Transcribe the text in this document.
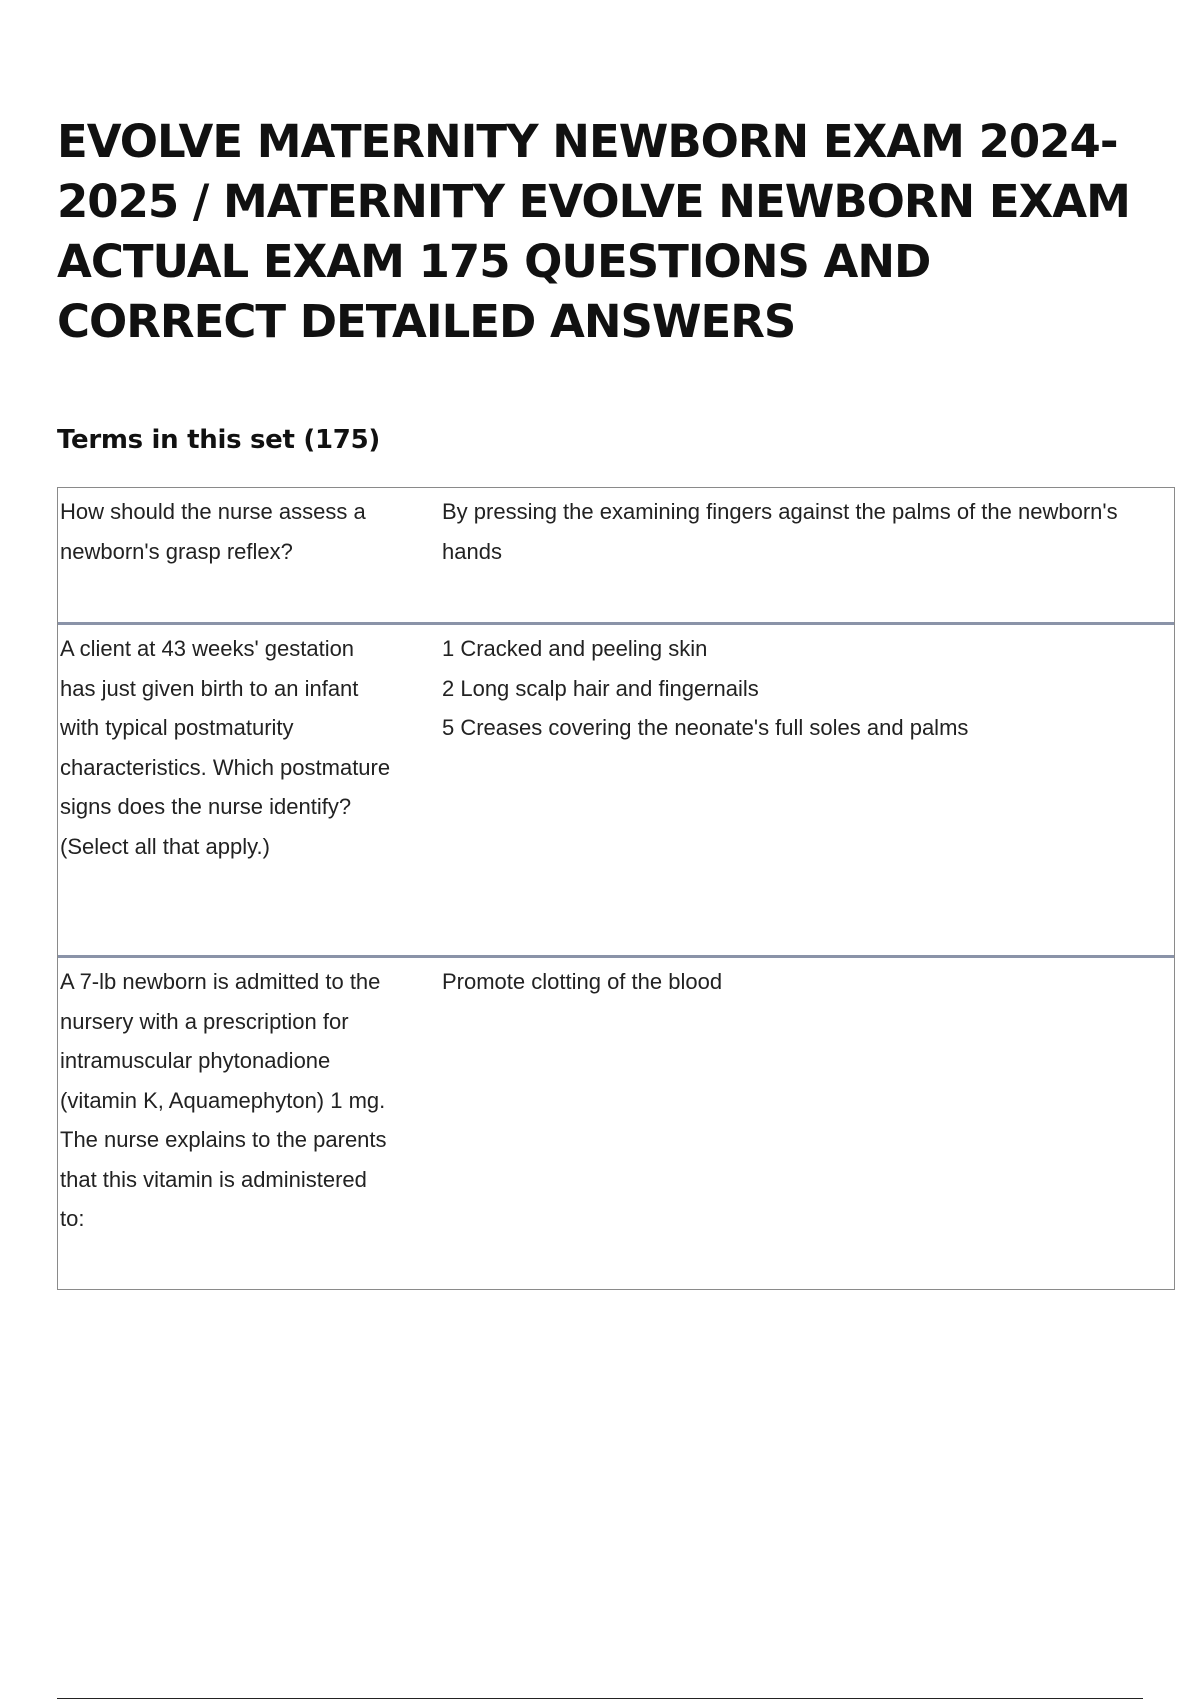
EVOLVE MATERNITY NEWBORN EXAM 2024-2025 / MATERNITY EVOLVE NEWBORN EXAM ACTUAL EXAM 175 QUESTIONS AND CORRECT DETAILED ANSWERS
Terms in this set (175)
How should the nurse assess a newborn's grasp reflex?
By pressing the examining fingers against the palms of the newborn's hands
A client at 43 weeks' gestation has just given birth to an infant with typical postmaturity characteristics. Which postmature signs does the nurse identify? (Select all that apply.)
1 Cracked and peeling skin
2 Long scalp hair and fingernails
5 Creases covering the neonate's full soles and palms
A 7-lb newborn is admitted to the nursery with a prescription for intramuscular phytonadione (vitamin K, Aquamephyton) 1 mg. The nurse explains to the parents that this vitamin is administered to:
Promote clotting of the blood
